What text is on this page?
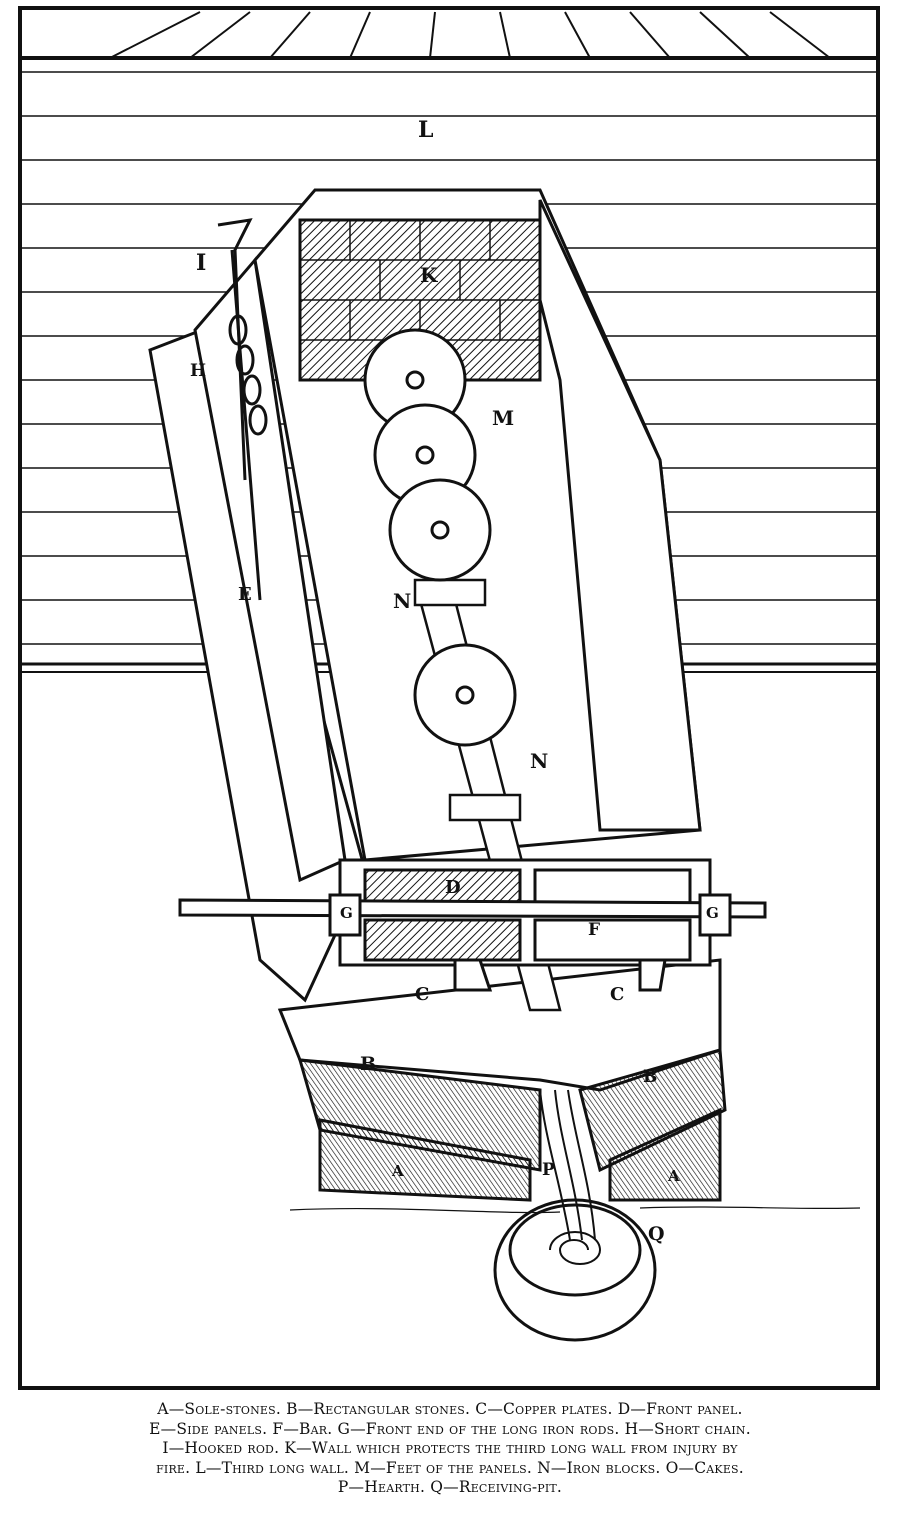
L
I	K
H
M
E	N
N
D
G	G
F
C	C
B
B
A	P	A
Q
A—Sole-stones. B—Rectangular stones. C—Copper plates. D—Front panel.
E—Side panels. F—Bar. G—Front end of the long iron rods. H—Short chain.
I—Hooked rod. K—Wall which protects the third long wall from injury by
fire. L—Third long wall. M—Feet of the panels. N—Iron blocks. O—Cakes.
P—Hearth. Q—Receiving-pit.
